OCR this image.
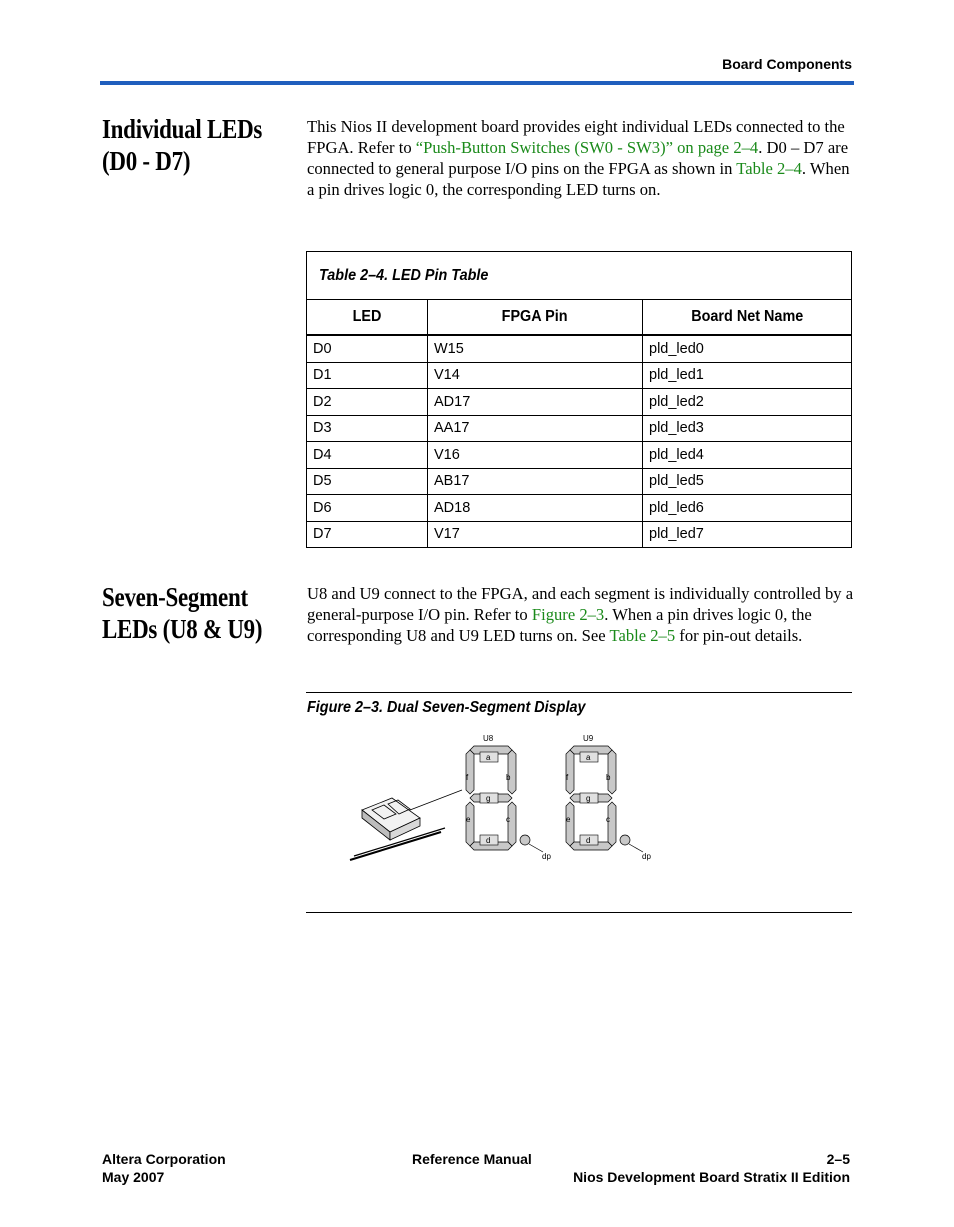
Board Components
Individual LEDs
(D0 - D7)
This Nios II development board provides eight individual LEDs connected to the FPGA. Refer to “Push-Button Switches (SW0 - SW3)” on page 2–4. D0 – D7 are connected to general purpose I/O pins on the FPGA as shown in Table 2–4. When a pin drives logic 0, the corresponding LED turns on.
Table 2–4. LED Pin Table		
LED	FPGA Pin	Board Net Name
D0	W15	pld_led0
D1	V14	pld_led1
D2	AD17	pld_led2
D3	AA17	pld_led3
D4	V16	pld_led4
D5	AB17	pld_led5
D6	AD18	pld_led6
D7	V17	pld_led7
Seven-Segment
LEDs (U8 & U9)
U8 and U9 connect to the FPGA, and each segment is individually controlled by a general-purpose I/O pin. Refer to Figure 2–3. When a pin drives logic 0, the corresponding U8 and U9 LED turns on. See Table 2–5 for pin-out details.
Figure 2–3. Dual Seven-Segment Display
U8
a
f	b
g
e	c
d
dp
U9
a
f	b
g
e	c
d
dp
Altera Corporation
May 2007
Reference Manual	2–5
Nios Development Board Stratix II Edition
